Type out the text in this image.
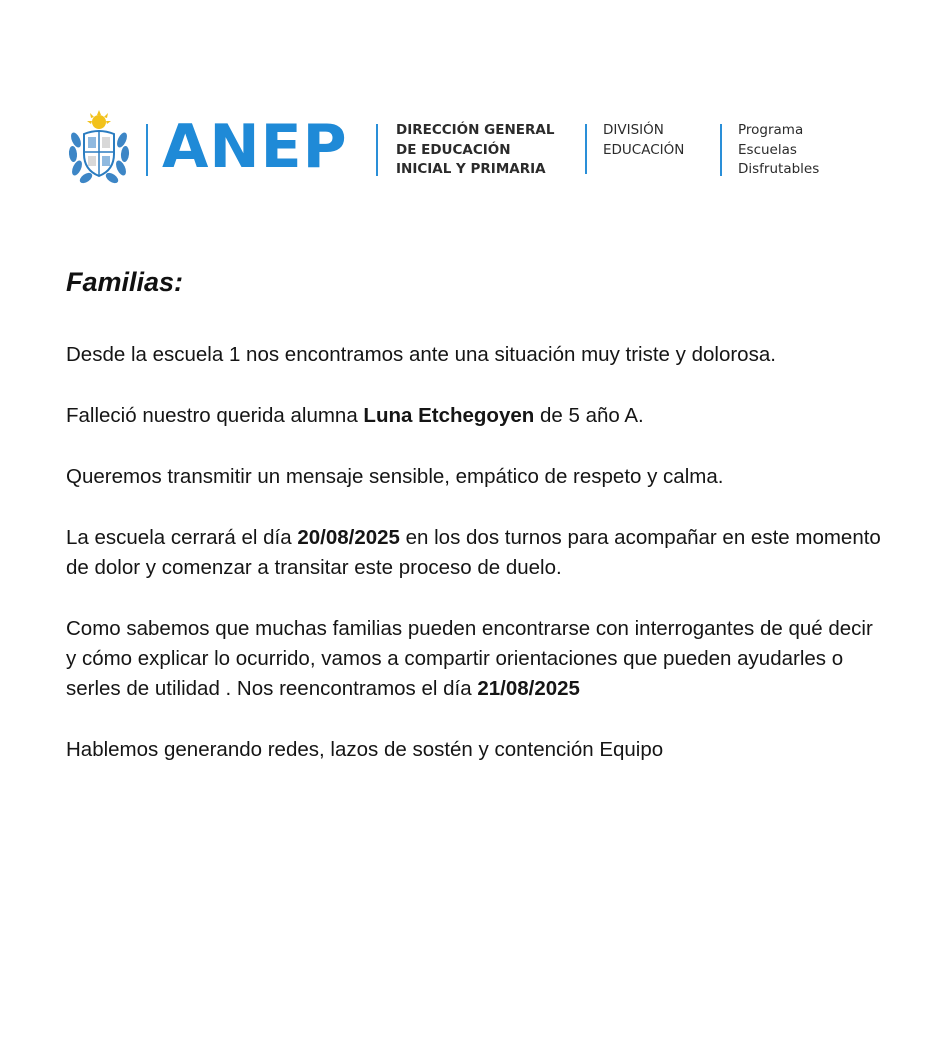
ANEP	DIRECCIÓN GENERAL
DE EDUCACIÓN
INICIAL Y PRIMARIA
DIVISIÓN
EDUCACIÓN
Programa
Escuelas
Disfrutables
Familias:

Desde la escuela 1 nos encontramos ante una situación muy triste y dolorosa.

Falleció nuestro querida alumna Luna Etchegoyen de 5 año A.

Queremos transmitir un mensaje sensible, empático de respeto y calma.

La escuela cerrará el día 20/08/2025 en los dos turnos para acompañar en este momento de dolor y comenzar a transitar este proceso de duelo.

Como sabemos que muchas familias pueden encontrarse con interrogantes de qué decir y cómo explicar lo ocurrido, vamos a compartir orientaciones que pueden ayudarles o serles de utilidad . Nos reencontramos el día 21/08/2025

Hablemos generando redes, lazos de sostén y contención Equipo
